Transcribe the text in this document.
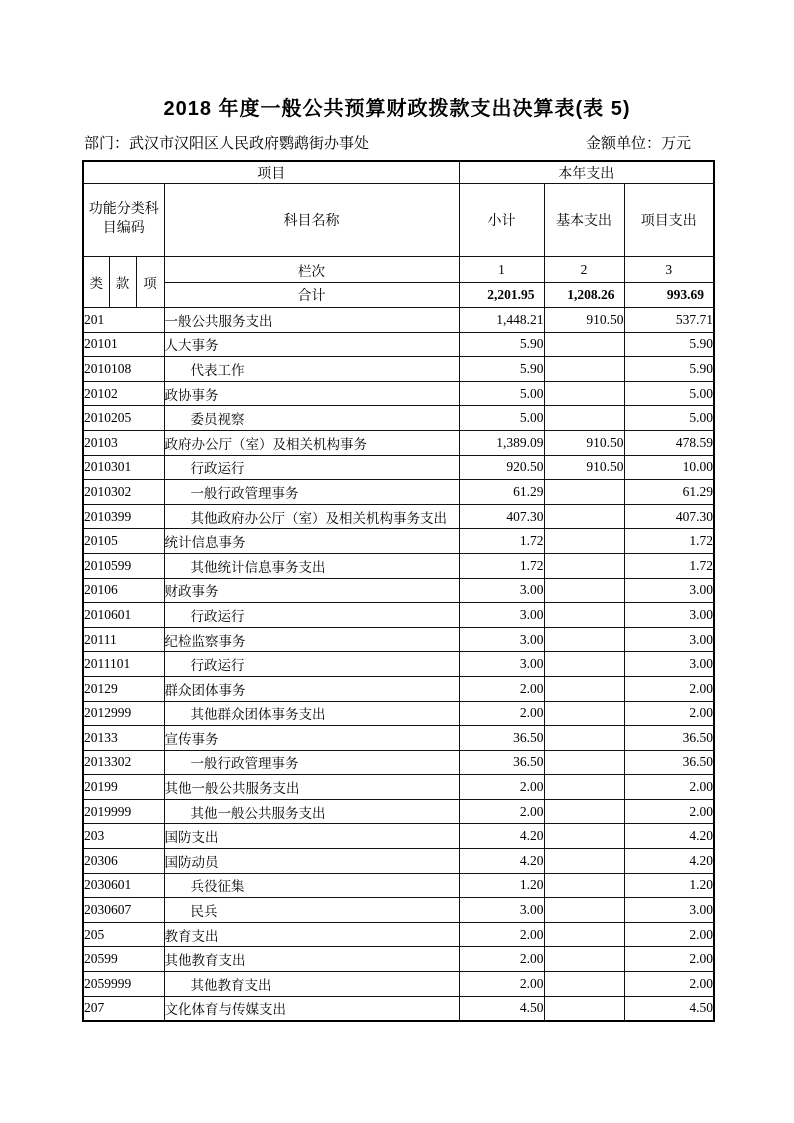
2018 年度一般公共预算财政拨款支出决算表(表 5)
部门：武汉市汉阳区人民政府鹦鹉街办事处	金额单位：万元
项目				本年支出		
功能分类科目编码			科目名称	小计	基本支出	项目支出
类	款	项	栏次	1	2	3
			合计	2,201.95	1,208.26	993.69
201			一般公共服务支出	1,448.21	910.50	537.71
20101			人大事务	5.90		5.90
2010108			代表工作	5.90		5.90
20102			政协事务	5.00		5.00
2010205			委员视察	5.00		5.00
20103			政府办公厅（室）及相关机构事务	1,389.09	910.50	478.59
2010301			行政运行	920.50	910.50	10.00
2010302			一般行政管理事务	61.29		61.29
2010399			其他政府办公厅（室）及相关机构事务支出	407.30		407.30
20105			统计信息事务	1.72		1.72
2010599			其他统计信息事务支出	1.72		1.72
20106			财政事务	3.00		3.00
2010601			行政运行	3.00		3.00
20111			纪检监察事务	3.00		3.00
2011101			行政运行	3.00		3.00
20129			群众团体事务	2.00		2.00
2012999			其他群众团体事务支出	2.00		2.00
20133			宣传事务	36.50		36.50
2013302			一般行政管理事务	36.50		36.50
20199			其他一般公共服务支出	2.00		2.00
2019999			其他一般公共服务支出	2.00		2.00
203			国防支出	4.20		4.20
20306			国防动员	4.20		4.20
2030601			兵役征集	1.20		1.20
2030607			民兵	3.00		3.00
205			教育支出	2.00		2.00
20599			其他教育支出	2.00		2.00
2059999			其他教育支出	2.00		2.00
207			文化体育与传媒支出	4.50		4.50
